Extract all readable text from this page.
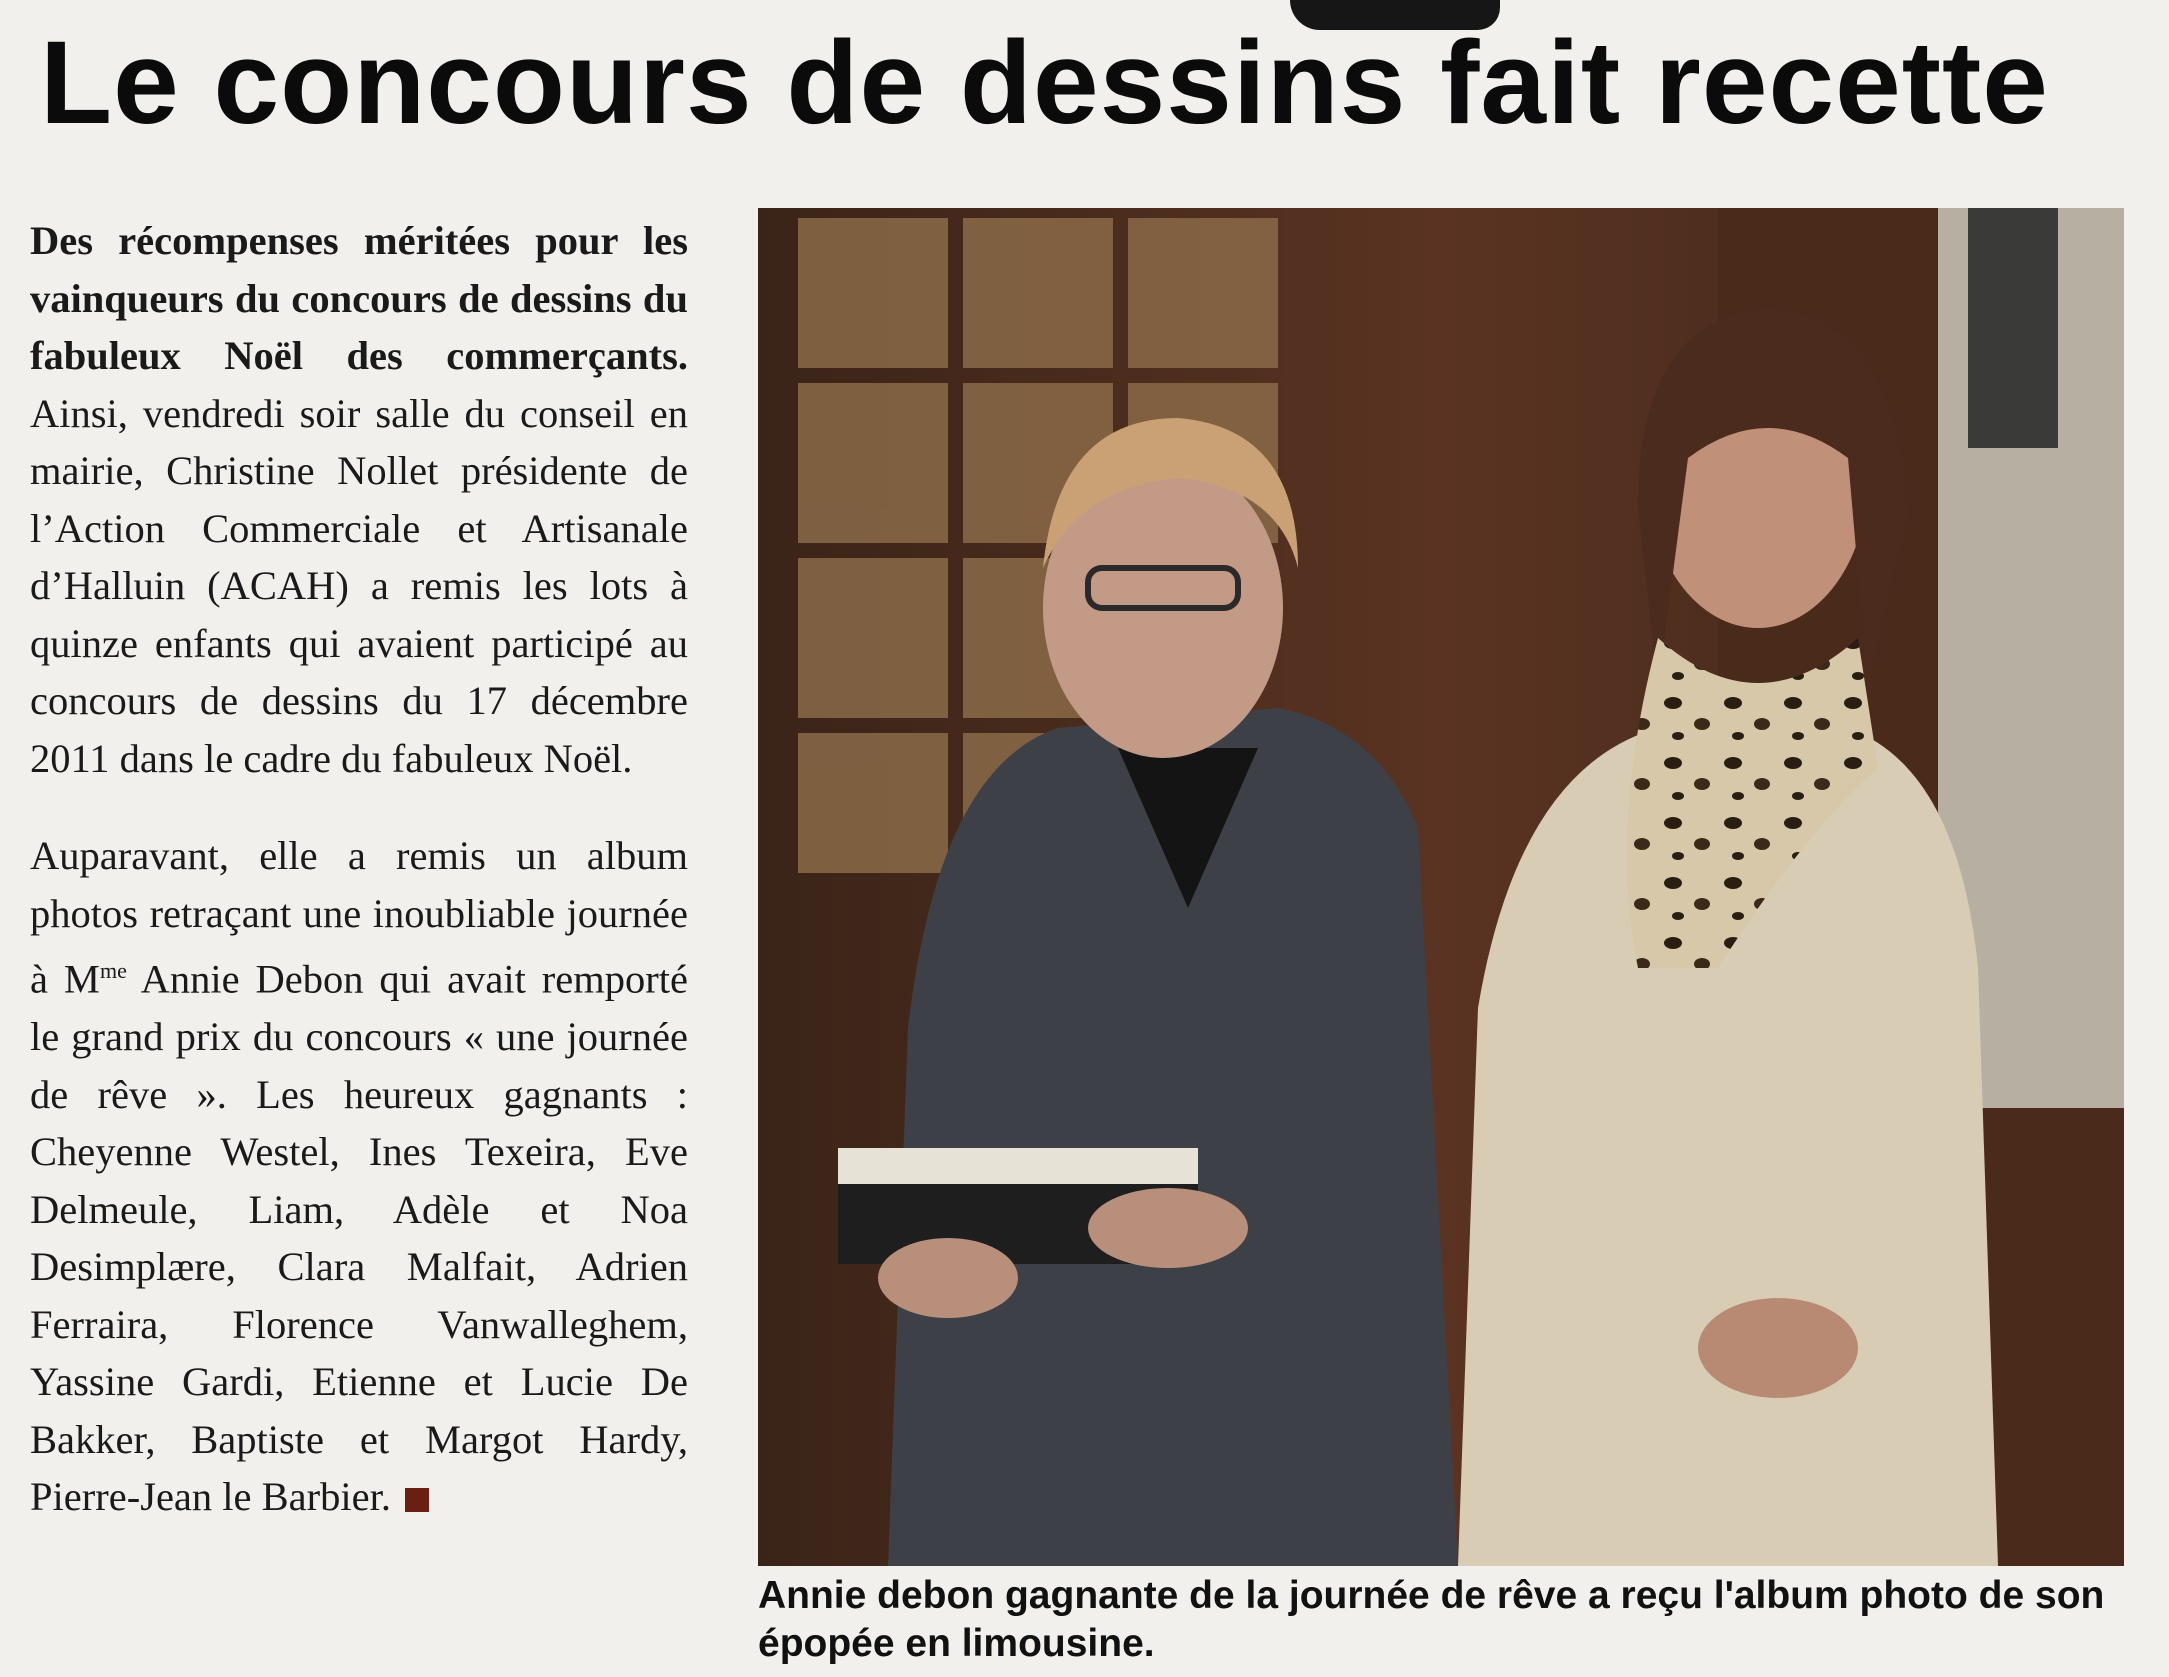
Le concours de dessins fait recette

Des récompenses méritées pour les vainqueurs du concours de dessins du fabuleux Noël des commerçants. Ainsi, vendredi soir salle du conseil en mairie, Christine Nollet présidente de l’Action Commerciale et Artisanale d’Halluin (ACAH) a remis les lots à quinze enfants qui avaient participé au concours de dessins du 17 décembre 2011 dans le cadre du fabuleux Noël.

Auparavant, elle a remis un album photos retraçant une inoubliable journée à $M^{me}$ Annie Debon qui avait remporté le grand prix du concours « une journée de rêve ». Les heureux gagnants : Cheyenne Westel, Ines Texeira, Eve Delmeule, Liam, Adèle et Noa Desimplære, Clara Malfait, Adrien Ferraira, Florence Vanwalleghem, Yassine Gardi, Etienne et Lucie De Bakker, Baptiste et Margot Hardy, Pierre-Jean le Barbier.

Annie debon gagnante de la journée de rêve a reçu l'album photo de son épopée en limousine.
